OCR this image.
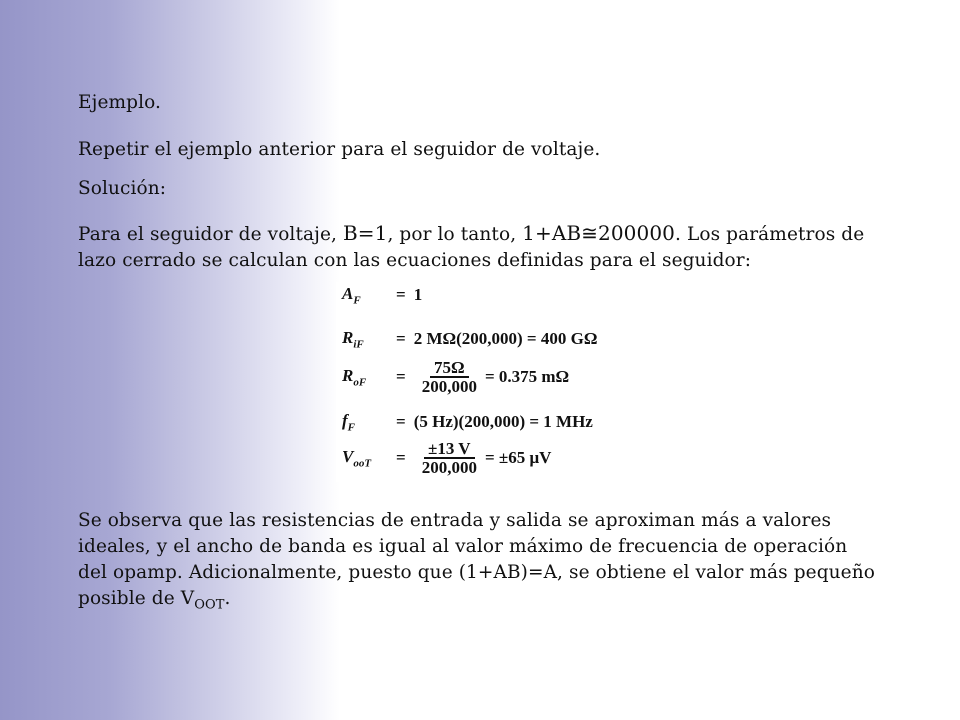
Ejemplo.

Repetir el ejemplo anterior para el seguidor de voltaje.

Solución:

Para el seguidor de voltaje, B=1, por lo tanto, 1+AB≅200000. Los parámetros de lazo cerrado se calculan con las ecuaciones definidas para el seguidor:

$A_F$	= 1
$R_{iF}$	= 2 MΩ(200,000) = 400 GΩ
$R_{oF}$	= $\frac{75\Omega}{200,000} = 0.375$ mΩ
$f_F$	= (5 Hz)(200,000) = 1 MHz
$V_{ooT}$	= $\frac{\pm 13 V}{200,000} = \pm 65$ μV

Se observa que las resistencias de entrada y salida se aproximan más a valores ideales, y el ancho de banda es igual al valor máximo de frecuencia de operación del opamp. Adicionalmente, puesto que (1+AB)=A, se obtiene el valor más pequeño posible de $V_{OOT}$.
